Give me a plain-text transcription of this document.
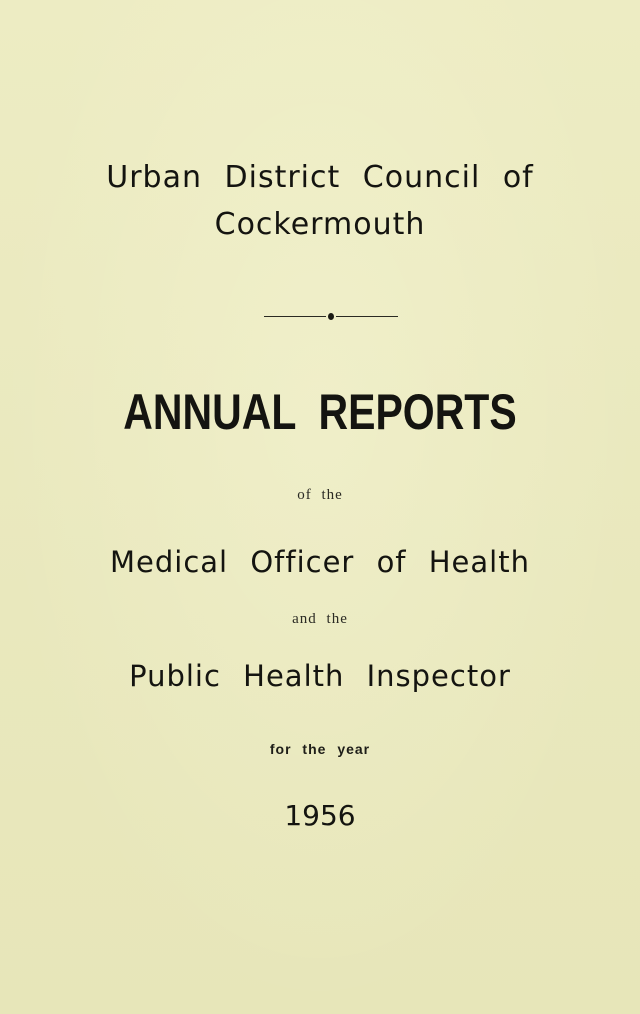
Urban District Council of
Cockermouth
ANNUAL REPORTS
of the
Medical Officer of Health
and the
Public Health Inspector
for the year
1956
